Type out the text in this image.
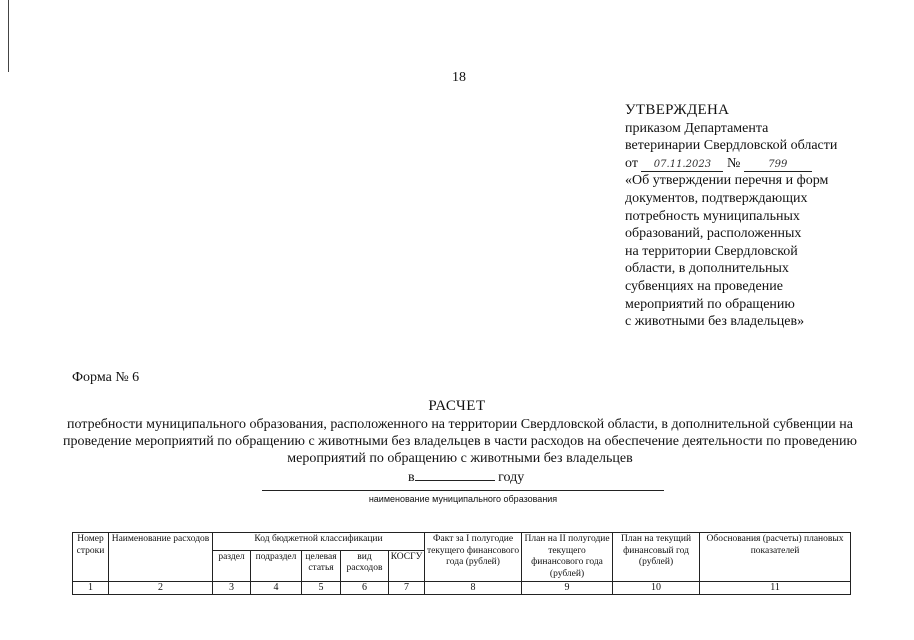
18
УТВЕРЖДЕНА
приказом Департамента
ветеринарии Свердловской области
от 07.11.2023 №	799
«Об утверждении перечня и форм
документов, подтверждающих
потребность муниципальных
образований, расположенных
на территории Свердловской
области, в дополнительных
субвенциях на проведение
мероприятий по обращению
с животными без владельцев»
Форма № 6
РАСЧЕТ
потребности муниципального образования, расположенного на территории Свердловской области, в дополнительной субвенции на проведение мероприятий по обращению с животными без владельцев в части расходов на обеспечение деятельности по проведению мероприятий по обращению с животными без владельцев
в	году
наименование муниципального образования
Номер строки	Наименование расходов	Код бюджетной классификации					Факт за I полугодие текущего финансового года (рублей)	План на II полугодие текущего финансового года (рублей)	План на текущий финансовый год (рублей)	Обоснования (расчеты) плановых показателей
		раздел	подраздел	целевая статья	вид расходов	КОСГУ				
1	2	3	4	5	6	7	8	9	10	11
